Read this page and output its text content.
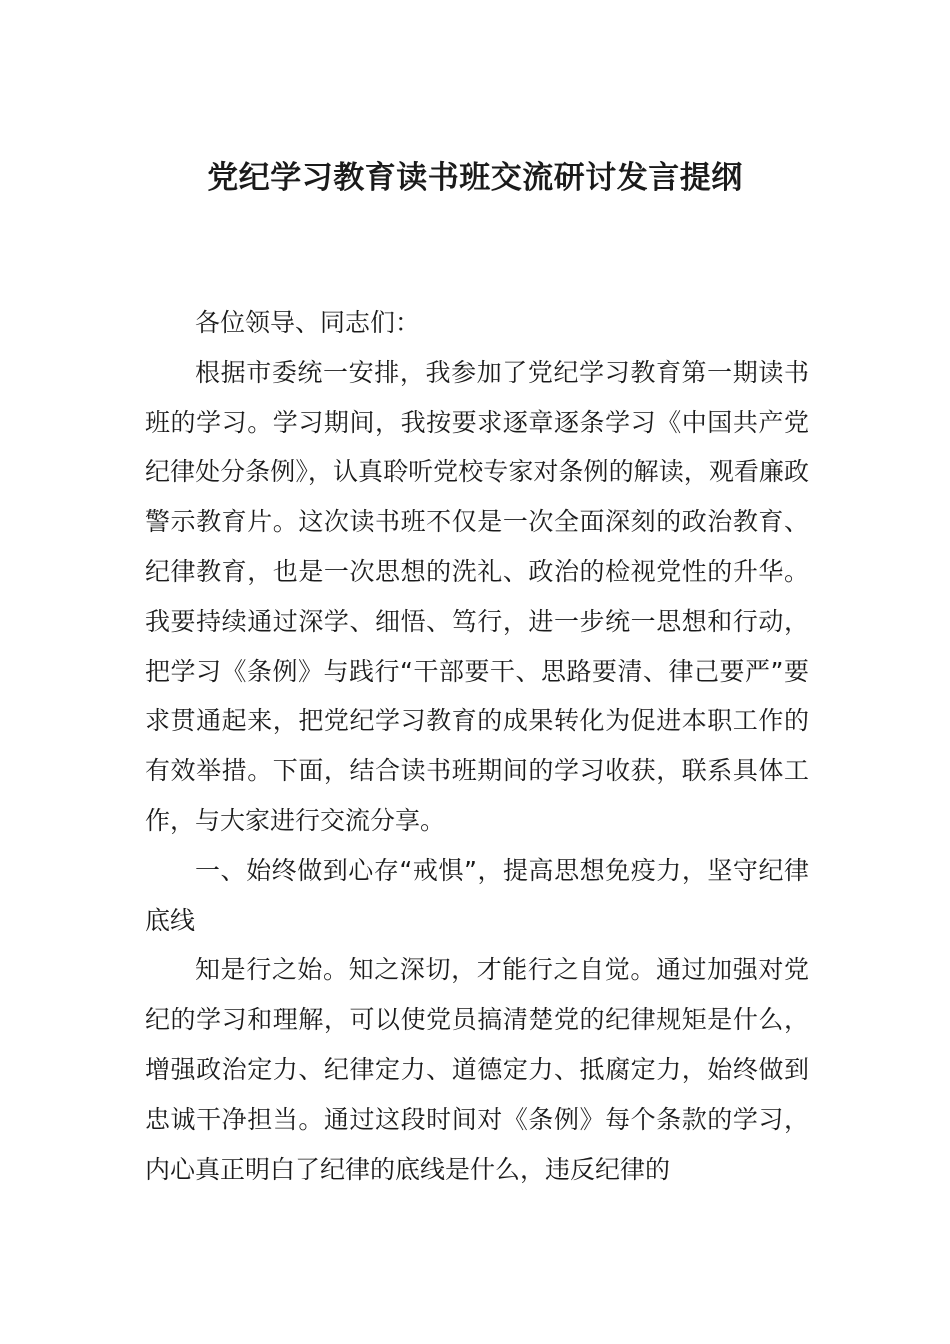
党纪学习教育读书班交流研讨发言提纲

各位领导、同志们：

根据市委统一安排，我参加了党纪学习教育第一期读书班的学习。学习期间，我按要求逐章逐条学习《中国共产党纪律处分条例》，认真聆听党校专家对条例的解读，观看廉政警示教育片。这次读书班不仅是一次全面深刻的政治教育、纪律教育，也是一次思想的洗礼、政治的检视党性的升华。我要持续通过深学、细悟、笃行，进一步统一思想和行动，把学习《条例》与践行“干部要干、思路要清、律己要严”要求贯通起来，把党纪学习教育的成果转化为促进本职工作的有效举措。下面，结合读书班期间的学习收获，联系具体工作，与大家进行交流分享。

一、始终做到心存“戒惧”，提高思想免疫力，坚守纪律底线

知是行之始。知之深切，才能行之自觉。通过加强对党纪的学习和理解，可以使党员搞清楚党的纪律规矩是什么，增强政治定力、纪律定力、道德定力、抵腐定力，始终做到忠诚干净担当。通过这段时间对《条例》每个条款的学习，内心真正明白了纪律的底线是什么，违反纪律的
